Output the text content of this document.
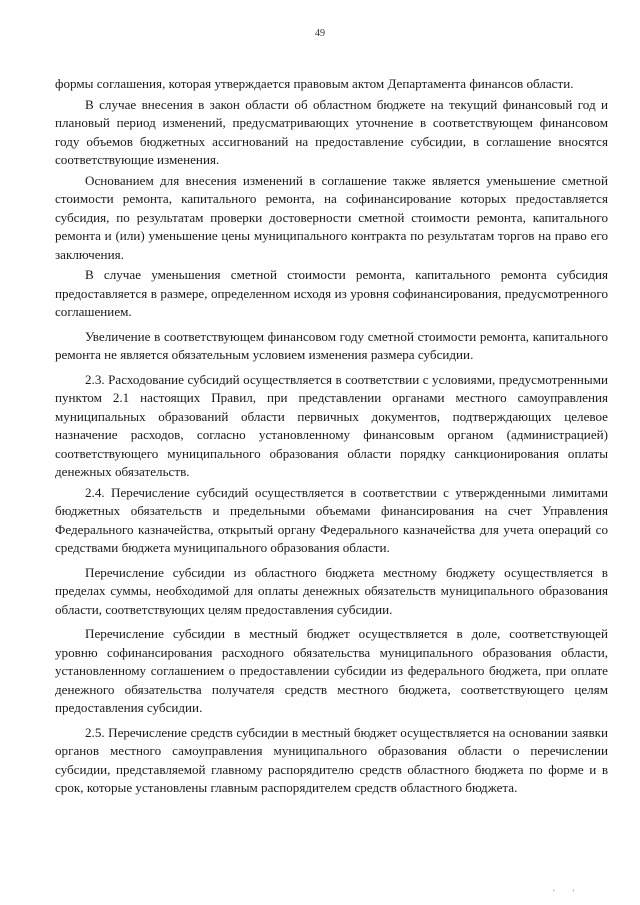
49

формы соглашения, которая утверждается правовым актом Департамента финансов области.

В случае внесения в закон области об областном бюджете на текущий финансовый год и плановый период изменений, предусматривающих уточнение в соответствующем финансовом году объемов бюджетных ассигнований на предоставление субсидии, в соглашение вносятся соответствующие изменения.

Основанием для внесения изменений в соглашение также является уменьшение сметной стоимости ремонта, капитального ремонта, на софинансирование которых предоставляется субсидия, по результатам проверки достоверности сметной стоимости ремонта, капитального ремонта и (или) уменьшение цены муниципального контракта по результатам торгов на право его заключения.

В случае уменьшения сметной стоимости ремонта, капитального ремонта субсидия предоставляется в размере, определенном исходя из уровня софинансирования, предусмотренного соглашением.

Увеличение в соответствующем финансовом году сметной стоимости ремонта, капитального ремонта не является обязательным условием изменения размера субсидии.

2.3. Расходование субсидий осуществляется в соответствии с условиями, предусмотренными пунктом 2.1 настоящих Правил, при представлении органами местного самоуправления муниципальных образований области первичных документов, подтверждающих целевое назначение расходов, согласно установленному финансовым органом (администрацией) соответствующего муниципального образования области порядку санкционирования оплаты денежных обязательств.

2.4. Перечисление субсидий осуществляется в соответствии с утвержденными лимитами бюджетных обязательств и предельными объемами финансирования на счет Управления Федерального казначейства, открытый органу Федерального казначейства для учета операций со средствами бюджета муниципального образования области.

Перечисление субсидии из областного бюджета местному бюджету осуществляется в пределах суммы, необходимой для оплаты денежных обязательств муниципального образования области, соответствующих целям предоставления субсидии.

Перечисление субсидии в местный бюджет осуществляется в доле, соответствующей уровню софинансирования расходного обязательства муниципального образования области, установленному соглашением о предоставлении субсидии из федерального бюджета, при оплате денежного обязательства получателя средств местного бюджета, соответствующего целям предоставления субсидии.

2.5. Перечисление средств субсидии в местный бюджет осуществляется на основании заявки органов местного самоуправления муниципального образования области о перечислении субсидии, представляемой главному распорядителю средств областного бюджета по форме и в срок, которые установлены главным распорядителем средств областного бюджета.

' '
